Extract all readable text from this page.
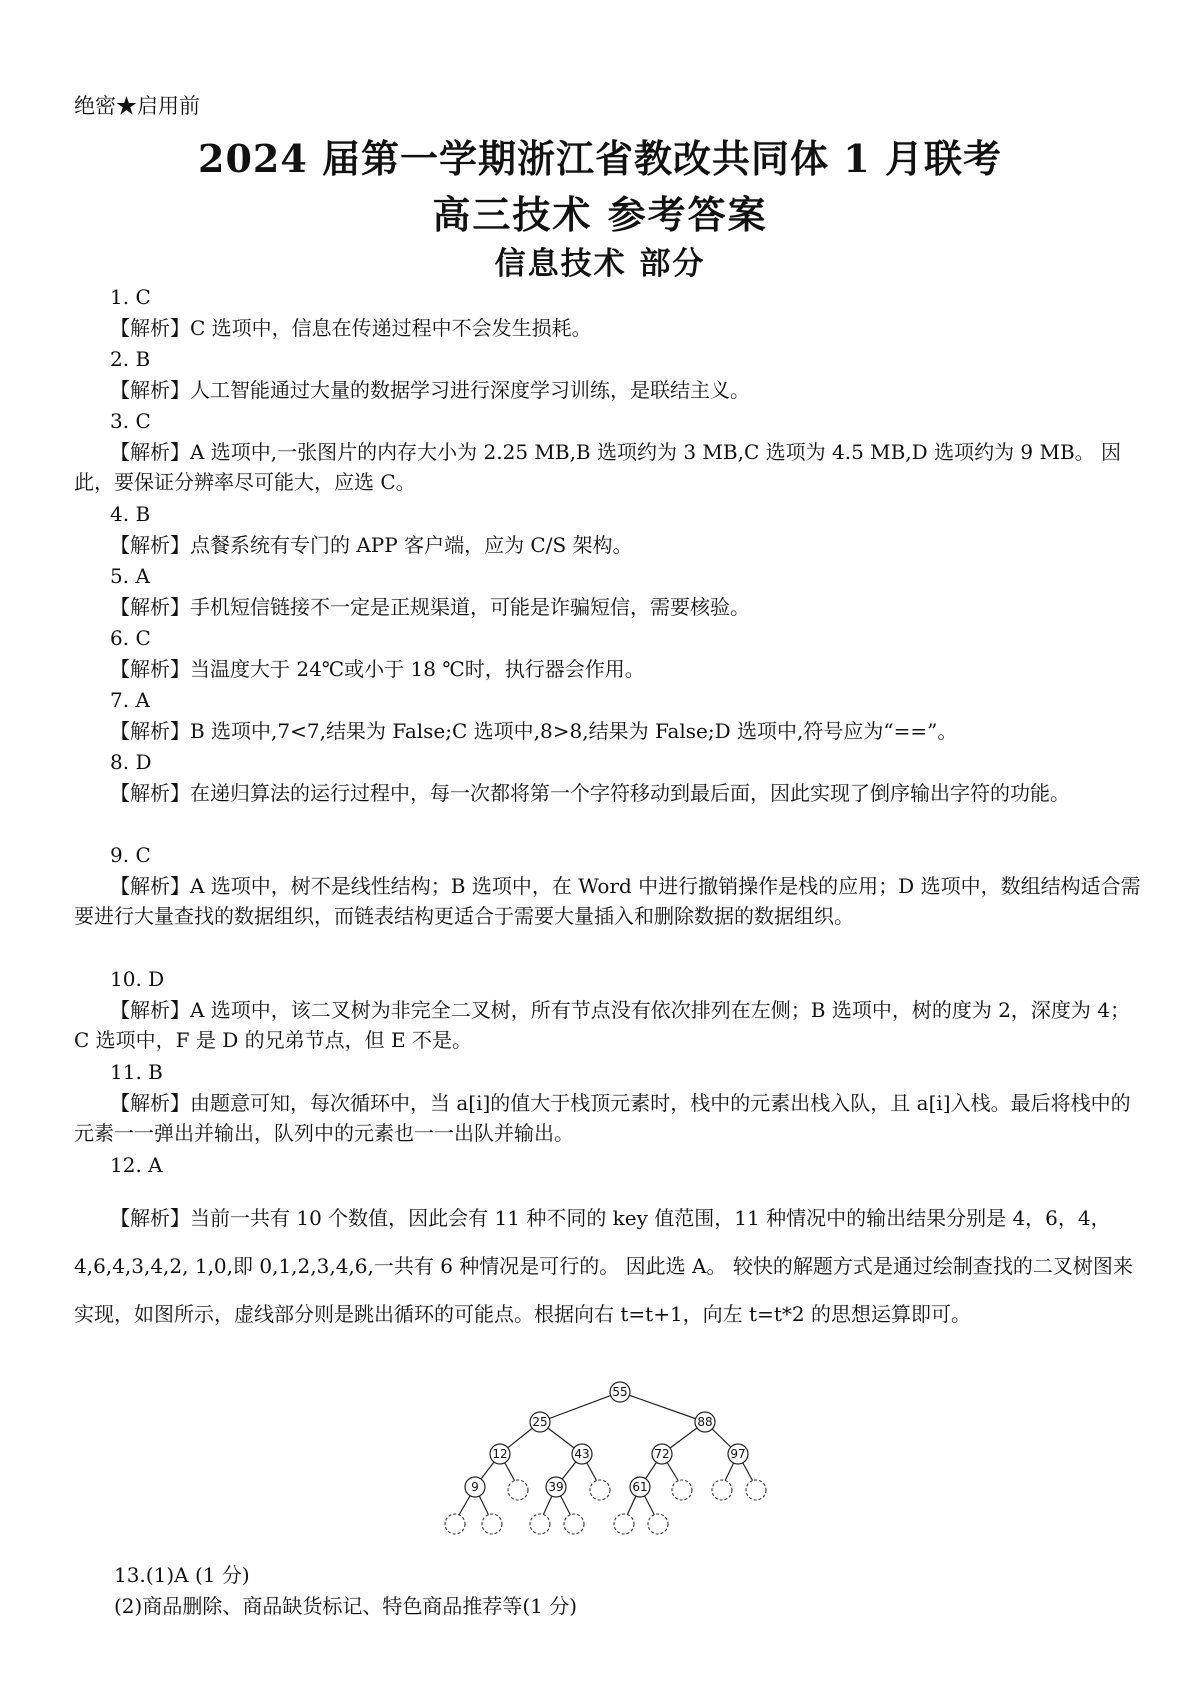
绝密★启用前
2024 届第一学期浙江省教改共同体 1 月联考
高三技术 参考答案
信息技术 部分
1. C
【解析】C 选项中，信息在传递过程中不会发生损耗。
2. B
【解析】人工智能通过大量的数据学习进行深度学习训练，是联结主义。
3. C
【解析】A 选项中,一张图片的内存大小为 2.25 MB,B 选项约为 3 MB,C 选项为 4.5 MB,D 选项约为 9 MB。 因此，要保证分辨率尽可能大，应选 C。
4. B
【解析】点餐系统有专门的 APP 客户端，应为 C/S 架构。
5. A
【解析】手机短信链接不一定是正规渠道，可能是诈骗短信，需要核验。
6. C
【解析】当温度大于 24℃或小于 18 ℃时，执行器会作用。
7. A
【解析】B 选项中,7<7,结果为 False;C 选项中,8>8,结果为 False;D 选项中,符号应为“==”。
8. D
【解析】在递归算法的运行过程中，每一次都将第一个字符移动到最后面，因此实现了倒序输出字符的功能。
9. C
【解析】A 选项中，树不是线性结构；B 选项中，在 Word 中进行撤销操作是栈的应用；D 选项中，数组结构适合需要进行大量查找的数据组织，而链表结构更适合于需要大量插入和删除数据的数据组织。
10. D
【解析】A 选项中，该二叉树为非完全二叉树，所有节点没有依次排列在左侧；B 选项中，树的度为 2，深度为 4；C 选项中，F 是 D 的兄弟节点，但 E 不是。
11. B
【解析】由题意可知，每次循环中，当 a[i]的值大于栈顶元素时，栈中的元素出栈入队，且 a[i]入栈。最后将栈中的元素一一弹出并输出，队列中的元素也一一出队并输出。
12. A
【解析】当前一共有 10 个数值，因此会有 11 种不同的 key 值范围，11 种情况中的输出结果分别是 4，6，4，4,6,4,3,4,2, 1,0,即 0,1,2,3,4,6,一共有 6 种情况是可行的。 因此选 A。 较快的解题方式是通过绘制查找的二叉树图来实现，如图所示，虚线部分则是跳出循环的可能点。根据向右 t=t+1，向左 t=t*2 的思想运算即可。
55
25	88
12	43	72	97
9	39	61
13.(1)A (1 分)
(2)商品删除、商品缺货标记、特色商品推荐等(1 分)
